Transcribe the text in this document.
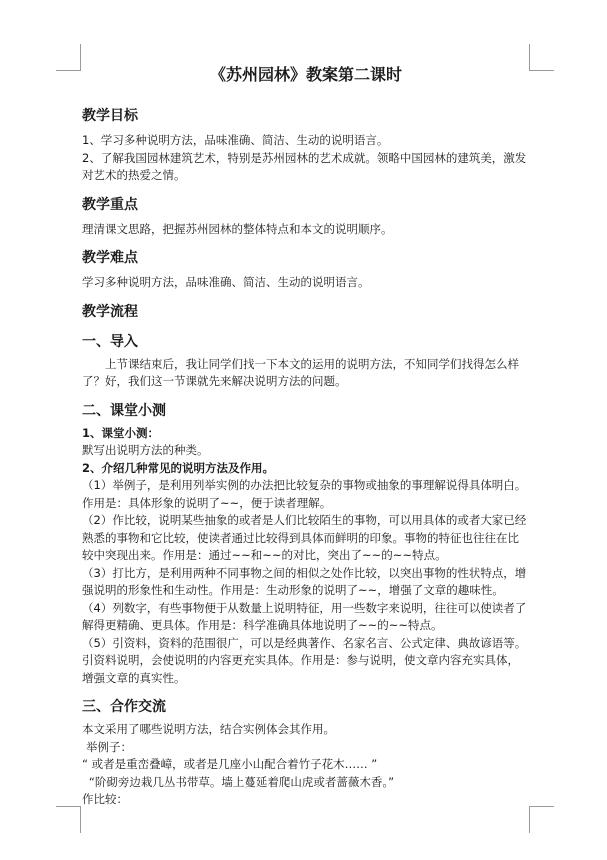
《苏州园林》教案第二课时
教学目标

1、学习多种说明方法，品味准确、简洁、生动的说明语言。

2、了解我国园林建筑艺术，特别是苏州园林的艺术成就。领略中国园林的建筑美，激发对艺术的热爱之情。

教学重点

理清课文思路，把握苏州园林的整体特点和本文的说明顺序。

教学难点

学习多种说明方法，品味准确、简洁、生动的说明语言。

教学流程
一、导入

上节课结束后，我让同学们找一下本文的运用的说明方法，不知同学们找得怎么样了？好，我们这一节课就先来解决说明方法的问题。

二、课堂小测

1、课堂小测：

默写出说明方法的种类。

2、介绍几种常见的说明方法及作用。

（1）举例子，是利用列举实例的办法把比较复杂的事物或抽象的事理解说得具体明白。作用是：具体形象的说明了~~，便于读者理解。

（2）作比较，说明某些抽象的或者是人们比较陌生的事物，可以用具体的或者大家已经熟悉的事物和它比较，使读者通过比较得到具体而鲜明的印象。事物的特征也往往在比较中突现出来。作用是：通过~~和~~的对比，突出了~~的~~特点。

（3）打比方，是利用两种不同事物之间的相似之处作比较，以突出事物的性状特点，增强说明的形象性和生动性。作用是：生动形象的说明了~~，增强了文章的趣味性。

（4）列数字，有些事物便于从数量上说明特征，用一些数字来说明，往往可以使读者了解得更精确、更具体。作用是：科学准确具体地说明了~~的~~特点。

（5）引资料，资料的范围很广，可以是经典著作、名家名言、公式定律、典故谚语等。引资料说明，会使说明的内容更充实具体。作用是：参与说明，使文章内容充实具体，增强文章的真实性。

三、合作交流

本文采用了哪些说明方法，结合实例体会其作用。

举例子：

“ 或者是重峦叠嶂，或者是几座小山配合着竹子花木…… ”

“阶砌旁边栽几丛书带草。墙上蔓延着爬山虎或者蔷薇木香。”

作比较：
